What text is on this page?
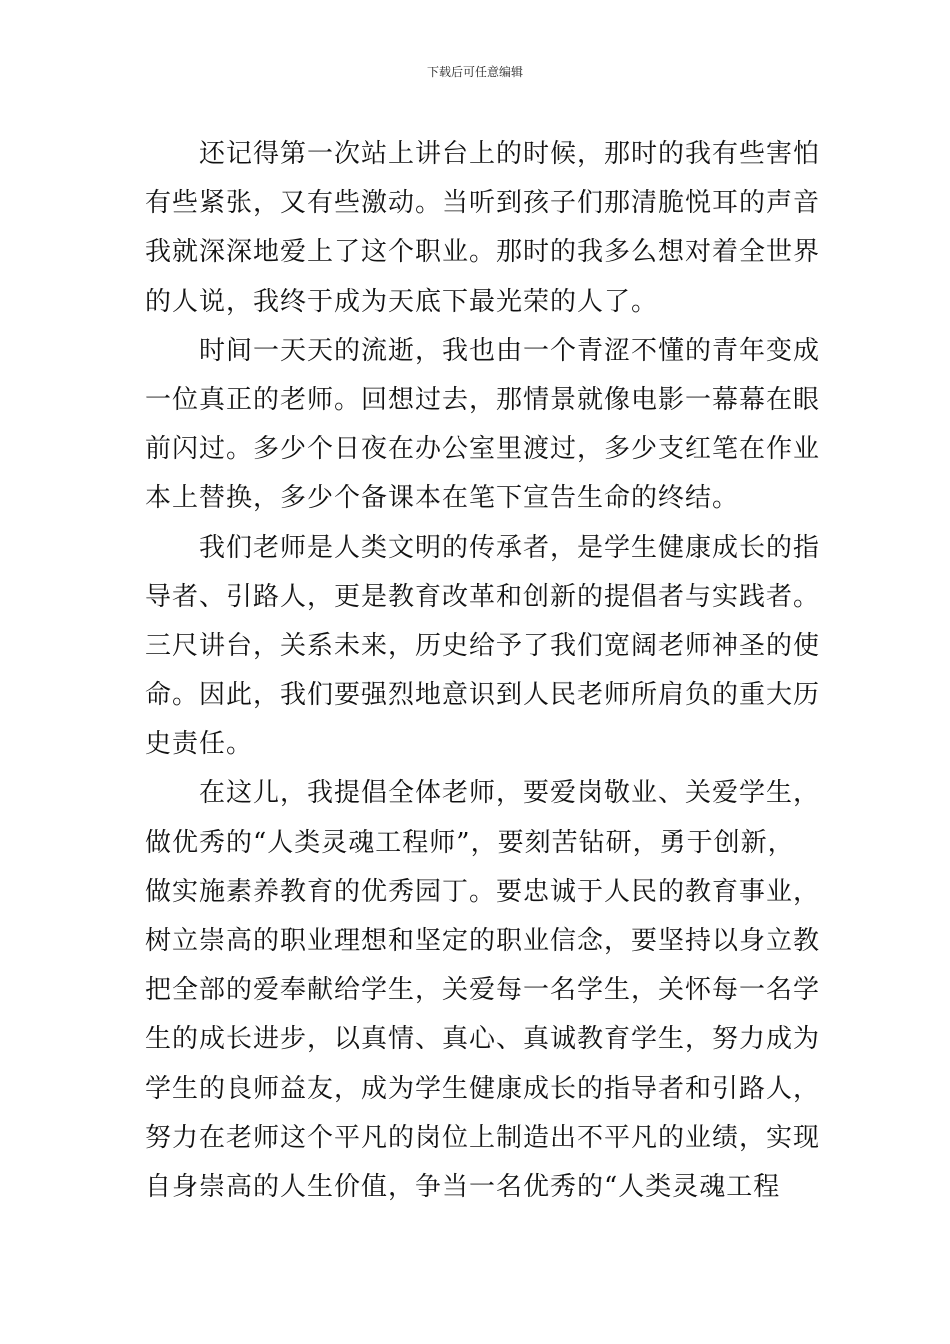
下载后可任意编辑
还记得第一次站上讲台上的时候，那时的我有些害怕
有些紧张，又有些激动。当听到孩子们那清脆悦耳的声音
我就深深地爱上了这个职业。那时的我多么想对着全世界
的人说，我终于成为天底下最光荣的人了。
时间一天天的流逝，我也由一个青涩不懂的青年变成
一位真正的老师。回想过去，那情景就像电影一幕幕在眼
前闪过。多少个日夜在办公室里渡过，多少支红笔在作业
本上替换，多少个备课本在笔下宣告生命的终结。
我们老师是人类文明的传承者，是学生健康成长的指
导者、引路人，更是教育改革和创新的提倡者与实践者。
三尺讲台，关系未来，历史给予了我们宽阔老师神圣的使
命。因此，我们要强烈地意识到人民老师所肩负的重大历
史责任。
在这儿，我提倡全体老师，要爱岗敬业、关爱学生，
做优秀的“人类灵魂工程师”，要刻苦钻研，勇于创新，
做实施素养教育的优秀园丁。要忠诚于人民的教育事业，
树立崇高的职业理想和坚定的职业信念，要坚持以身立教
把全部的爱奉献给学生，关爱每一名学生，关怀每一名学
生的成长进步，以真情、真心、真诚教育学生，努力成为
学生的良师益友，成为学生健康成长的指导者和引路人，
努力在老师这个平凡的岗位上制造出不平凡的业绩，实现
自身崇高的人生价值，争当一名优秀的“人类灵魂工程
